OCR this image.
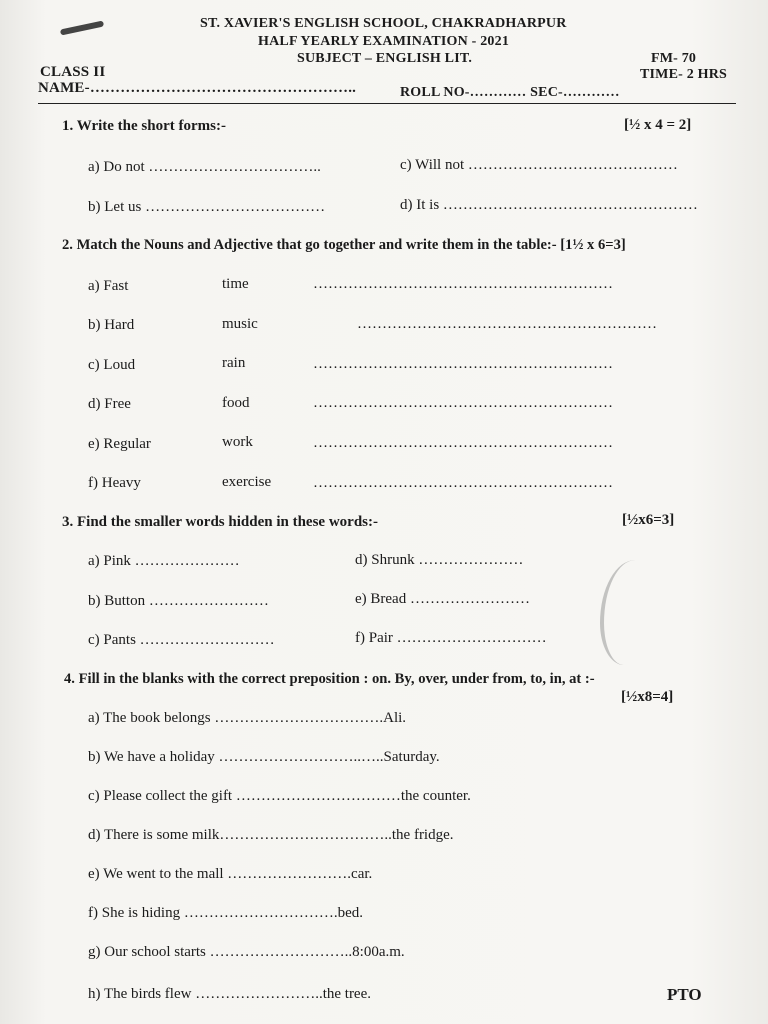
ST. XAVIER'S ENGLISH SCHOOL, CHAKRADHARPUR
HALF YEARLY EXAMINATION - 2021
SUBJECT – ENGLISH LIT.	FM- 70
TIME- 2 HRS
CLASS II
NAME-……………………………………………..	ROLL NO-………… SEC-…………
1. Write the short forms:-	[½ x 4 = 2]
a) Do not ……………………………..	c) Will not ……………………………………
b) Let us ………………………………	d) It is ……………………………………………
2. Match the Nouns and Adjective that go together and write them in the table:- [1½ x 6=3]
a) Fast	time	……………………………………………………
b) Hard	music	……………………………………………………
c) Loud	rain	……………………………………………………
d) Free	food	……………………………………………………
e) Regular	work	……………………………………………………
f) Heavy	exercise	……………………………………………………
3. Find the smaller words hidden in these words:-	[½x6=3]
a) Pink …………………	d) Shrunk …………………
b) Button ……………………	e) Bread ……………………
c) Pants ………………………	f) Pair …………………………
4. Fill in the blanks with the correct preposition : on. By, over, under from, to, in, at :-
[½x8=4]
a) The book belongs …………………………….Ali.
b) We have a holiday ………………………..…..Saturday.
c) Please collect the gift ……………………………the counter.
d) There is some milk……………………………..the fridge.
e) We went to the mall …………………….car.
f) She is hiding ………………………….bed.
g) Our school starts ………………………..8:00a.m.
h) The birds flew ……………………..the tree.	PTO
